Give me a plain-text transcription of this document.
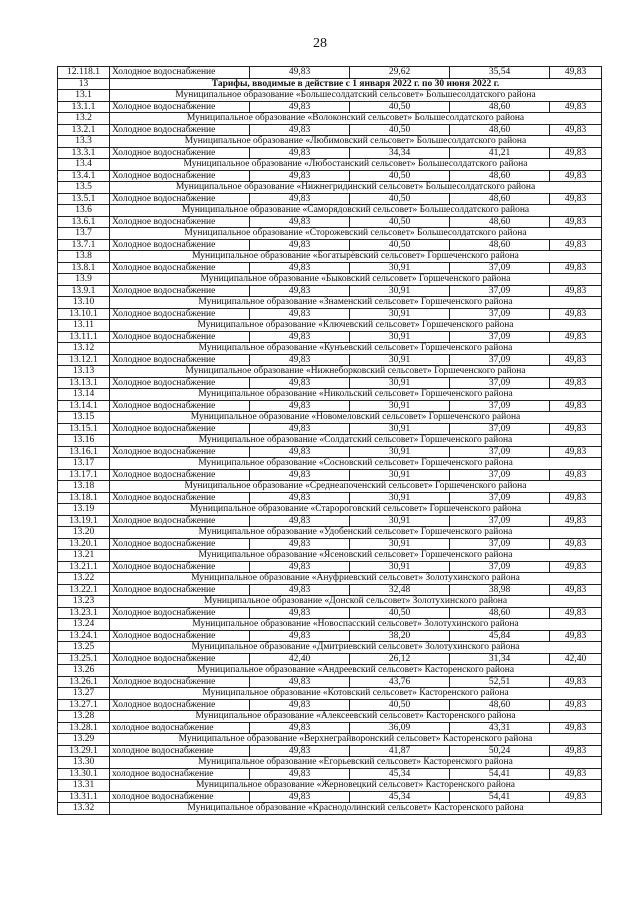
28
12.118.1	Холодное водоснабжение	49,83	29,62	35,54	49,83
13	Тарифы, вводимые в действие с 1 января 2022 г. по 30 июня 2022 г.				
13.1	Муниципальное образование «Большесолдатский сельсовет» Большесолдатского района				
13.1.1	Холодное водоснабжение	49,83	40,50	48,60	49,83
13.2	Муниципальное образование «Волоконский сельсовет» Большесолдатского района				
13.2.1	Холодное водоснабжение	49,83	40,50	48,60	49,83
13.3	Муниципальное образование «Любимовский сельсовет» Большесолдатского района				
13.3.1	Холодное водоснабжение	49,83	34,34	41,21	49,83
13.4	Муниципальное образование «Любостанский сельсовет» Большесолдатского района				
13.4.1	Холодное водоснабжение	49,83	40,50	48,60	49,83
13.5	Муниципальное образование «Нижнегридинский сельсовет» Большесолдатского района				
13.5.1	Холодное водоснабжение	49,83	40,50	48,60	49,83
13.6	Муниципальное образование «Саморядовский сельсовет» Большесолдатского района				
13.6.1	Холодное водоснабжение	49,83	40,50	48,60	49,83
13.7	Муниципальное образование «Сторожевский сельсовет» Большесолдатского района				
13.7.1	Холодное водоснабжение	49,83	40,50	48,60	49,83
13.8	Муниципальное образование «Богатырёвский сельсовет» Горшеченского района				
13.8.1	Холодное водоснабжение	49,83	30,91	37,09	49,83
13.9	Муниципальное образование «Быковский сельсовет» Горшеченского района				
13.9.1	Холодное водоснабжение	49,83	30,91	37,09	49,83
13.10	Муниципальное образование «Знаменский сельсовет» Горшеченского района				
13.10.1	Холодное водоснабжение	49,83	30,91	37,09	49,83
13.11	Муниципальное образование «Ключевский сельсовет» Горшеченского района				
13.11.1	Холодное водоснабжение	49,83	30,91	37,09	49,83
13.12	Муниципальное образование «Кунъевский сельсовет» Горшеченского района				
13.12.1	Холодное водоснабжение	49,83	30,91	37,09	49,83
13.13	Муниципальное образование «Нижнеборковский сельсовет» Горшеченского района				
13.13.1	Холодное водоснабжение	49,83	30,91	37,09	49,83
13.14	Муниципальное образование «Никольский сельсовет» Горшеченского района				
13.14.1	Холодное водоснабжение	49,83	30,91	37,09	49,83
13.15	Муниципальное образование «Новомеловский сельсовет» Горшеченского района				
13.15.1	Холодное водоснабжение	49,83	30,91	37,09	49,83
13.16	Муниципальное образование «Солдатский сельсовет» Горшеченского района				
13.16.1	Холодное водоснабжение	49,83	30,91	37,09	49,83
13.17	Муниципальное образование «Сосновский сельсовет» Горшеченского района				
13.17.1	Холодное водоснабжение	49,83	30,91	37,09	49,83
13.18	Муниципальное образование «Среднеапоченский сельсовет» Горшеченского района				
13.18.1	Холодное водоснабжение	49,83	30,91	37,09	49,83
13.19	Муниципальное образование «Старороговский сельсовет» Горшеченского района				
13.19.1	Холодное водоснабжение	49,83	30,91	37,09	49,83
13.20	Муниципальное образование «Удобенский сельсовет» Горшеченского района				
13.20.1	Холодное водоснабжение	49,83	30,91	37,09	49,83
13.21	Муниципальное образование «Ясеновский сельсовет» Горшеченского района				
13.21.1	Холодное водоснабжение	49,83	30,91	37,09	49,83
13.22	Муниципальное образование «Ануфриевский сельсовет» Золотухинского района				
13.22.1	Холодное водоснабжение	49,83	32,48	38,98	49,83
13.23	Муниципальное образование «Донской сельсовет» Золотухинского района				
13.23.1	Холодное водоснабжение	49,83	40,50	48,60	49,83
13.24	Муниципальное образование «Новоспасский сельсовет» Золотухинского района				
13.24.1	Холодное водоснабжение	49,83	38,20	45,84	49,83
13.25	Муниципальное образование «Дмитриевский сельсовет» Золотухинского района				
13.25.1	Холодное водоснабжение	42,40	26,12	31,34	42,40
13.26	Муниципальное образование «Андреевский сельсовет» Касторенского района				
13.26.1	Холодное водоснабжение	49,83	43,76	52,51	49,83
13.27	Муниципальное образование «Котовский сельсовет» Касторенского района				
13.27.1	Холодное водоснабжение	49,83	40,50	48,60	49,83
13.28	Муниципальное образование «Алексеевский сельсовет» Касторенского района				
13.28.1	холодное водоснабжение	49,83	36,09	43,31	49,83
13.29	Муниципальное образование «Верхнеграйворонский сельсовет» Касторенского района				
13.29.1	холодное водоснабжение	49,83	41,87	50,24	49,83
13.30	Муниципальное образование «Егорьевский сельсовет» Касторенского района				
13.30.1	холодное водоснабжение	49,83	45,34	54,41	49,83
13.31	Муниципальное образование «Жерновецкий сельсовет» Касторенского района				
13.31.1	холодное водоснабжение	49,83	45,34	54,41	49,83
13.32	Муниципальное образование «Краснодолинский сельсовет» Касторенского района				
